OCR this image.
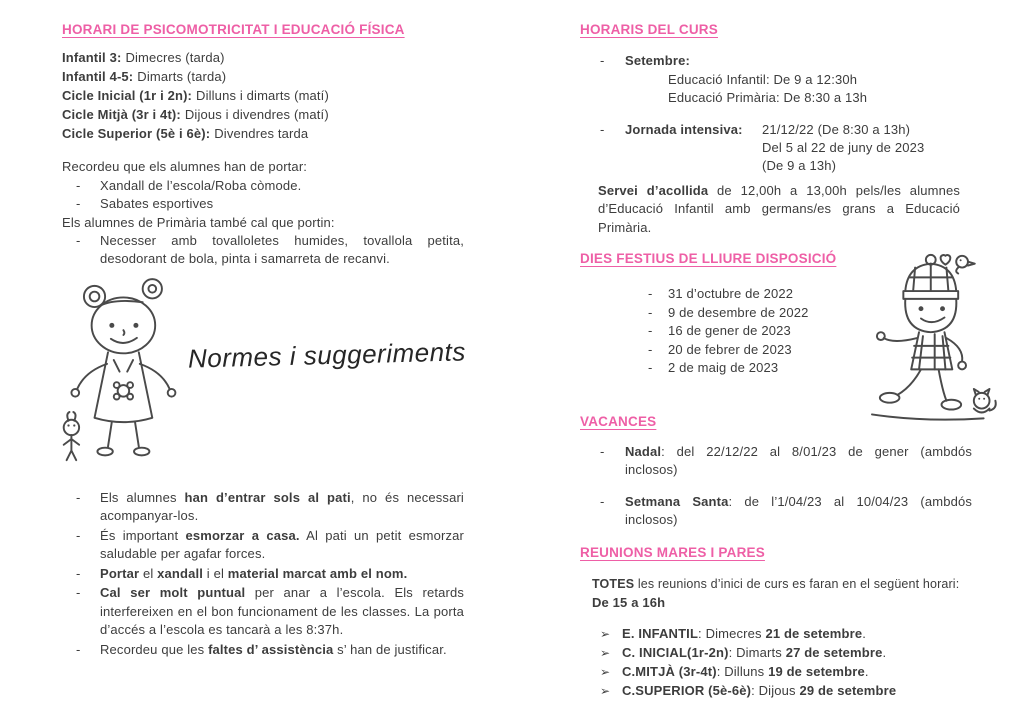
HORARI DE PSICOMOTRICITAT I EDUCACIÓ FÍSICA
Infantil 3: Dimecres (tarda)
Infantil 4-5: Dimarts (tarda)
Cicle Inicial (1r i 2n): Dilluns i dimarts (matí)
Cicle Mitjà (3r i 4t): Dijous i divendres (matí)
Cicle Superior (5è i 6è): Divendres tarda

Recordeu que els alumnes han de portar:

-	Xandall de l’escola/Roba còmode.
-	Sabates esportives

Els alumnes de Primària també cal que portin:

-	Necesser amb tovalloletes humides, tovallola petita, desodorant de bola, pinta i samarreta de recanvi.
Normes i suggeriments
-	Els alumnes han d’entrar sols al pati, no és necessari acompanyar-los.
-	És important esmorzar a casa. Al pati un petit esmorzar saludable per agafar forces.
-	Portar el xandall i el material marcat amb el nom.
-	Cal ser molt puntual per anar a l’escola. Els retards interfereixen en el bon funcionament de les classes. La porta d’accés a l’escola es tancarà a les 8:37h.
-	Recordeu que les faltes d’ assistència s’ han de justificar.
HORARIS DEL CURS
-	Setembre:
Educació Infantil: De 9 a 12:30h
Educació Primària: De 8:30 a 13h
-	Jornada intensiva:	21/12/22 (De 8:30 a 13h)
Del 5 al 22 de juny de 2023
(De 9 a 13h)

Servei d’acollida de 12,00h a 13,00h pels/les alumnes d’Educació Infantil amb germans/es grans a Educació Primària.

DIES FESTIUS DE LLIURE DISPOSICIÓ
-	31 d’octubre de 2022
-	9 de desembre de 2022
-	16 de gener de 2023
-	20 de febrer de 2023
-	2 de maig de 2023
VACANCES
-	Nadal: del 22/12/22 al 8/01/23 de gener (ambdós inclosos)
-	Setmana Santa: de l’1/04/23 al 10/04/23 (ambdós inclosos)
REUNIONS MARES I PARES

TOTES les reunions d’inici de curs es faran en el següent horari:

De 15 a 16h

➢ E. INFANTIL: Dimecres 21 de setembre.
➢ C. INICIAL(1r-2n): Dimarts 27 de setembre.
➢ C.MITJÀ (3r-4t): Dilluns 19 de setembre.
➢ C.SUPERIOR (5è-6è): Dijous 29 de setembre
